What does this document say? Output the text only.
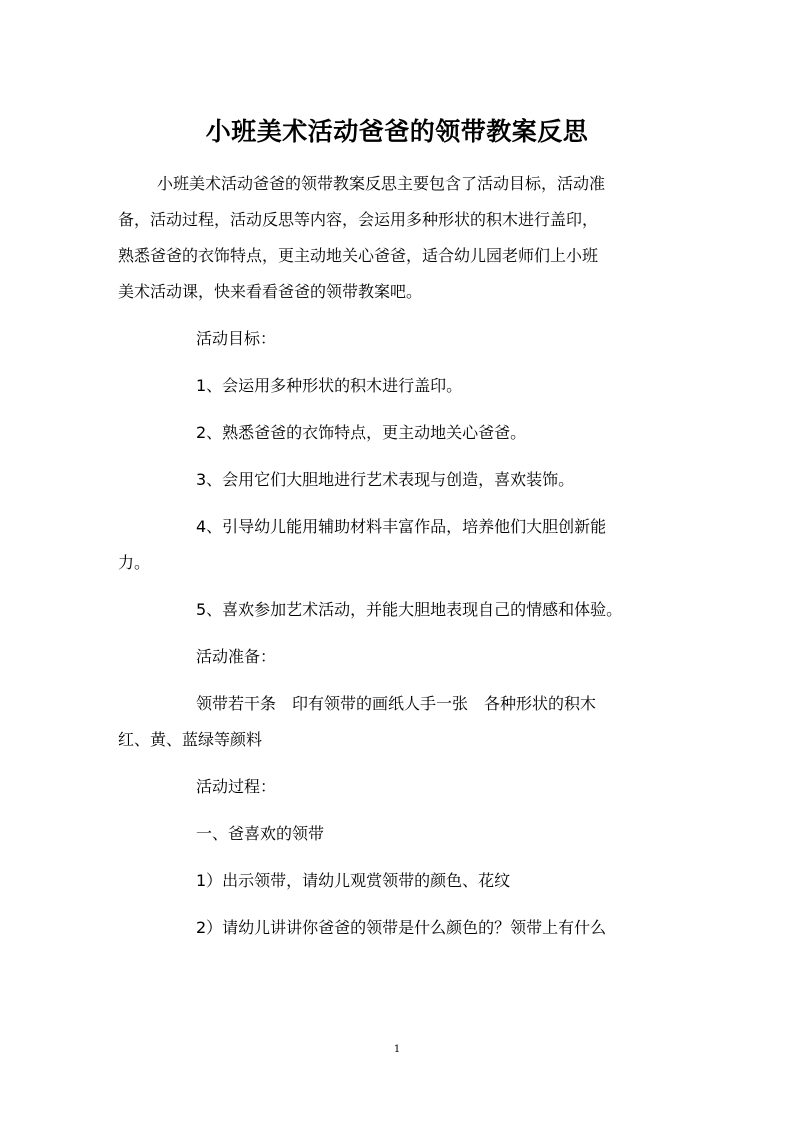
小班美术活动爸爸的领带教案反思

小班美术活动爸爸的领带教案反思主要包含了活动目标，活动准
备，活动过程，活动反思等内容，会运用多种形状的积木进行盖印，
熟悉爸爸的衣饰特点，更主动地关心爸爸，适合幼儿园老师们上小班
美术活动课，快来看看爸爸的领带教案吧。

活动目标：

1、会运用多种形状的积木进行盖印。

2、熟悉爸爸的衣饰特点，更主动地关心爸爸。

3、会用它们大胆地进行艺术表现与创造，喜欢装饰。

4、引导幼儿能用辅助材料丰富作品，培养他们大胆创新能

力。

5、喜欢参加艺术活动，并能大胆地表现自己的情感和体验。

活动准备：

领带若干条　印有领带的画纸人手一张　各种形状的积木

红、黄、蓝绿等颜料

活动过程：

一、爸喜欢的领带

1）出示领带，请幼儿观赏领带的颜色、花纹

2）请幼儿讲讲你爸爸的领带是什么颜色的？领带上有什么

1
